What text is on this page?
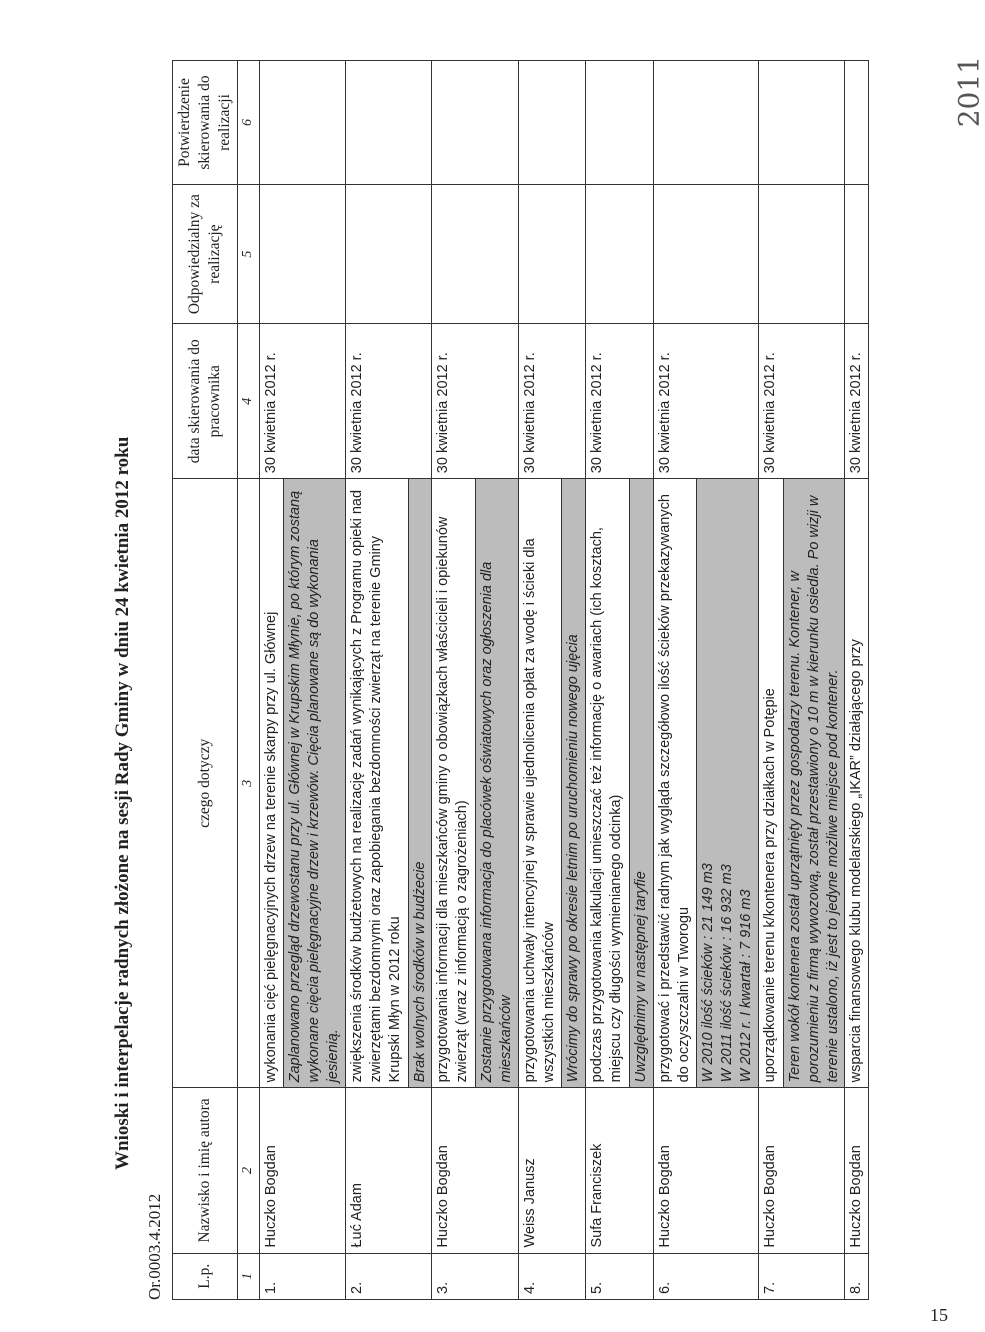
2011
15
Wnioski i interpelacje radnych złożone na sesji Rady Gminy w dniu 24 kwietnia 2012 roku
Or.0003.4.2012 L.p.	Nazwisko i imię autora	czego dotyczy	data skierowania do pracownika	Odpowiedzialny za realizację	Potwierdzenie skierowania do realizacji
1	2	3	4	5	6
1.	Huczko Bogdan	wykonania cięć pielęgnacyjnych drzew na terenie skarpy przy ul. Głównej Zaplanowano przegląd drzewostanu przy ul. Głównej w Krupskim Młynie, po którym zostaną wykonane cięcia pielęgnacyjne drzew i krzewów. Cięcia planowane są do wykonania jesienią.	30 kwietnia 2012 r.		
2.	Łuć Adam	zwiększenia środków budżetowych na realizację zadań wynikających z Programu opieki nad zwierzętami bezdomnymi oraz zapobiegania bezdomności zwierząt na terenie Gminy Krupski Młyn w 2012 roku Brak wolnych środków w budżecie	30 kwietnia 2012 r.		
3.	Huczko Bogdan	przygotowania informacji dla mieszkańców gminy o obowiązkach właścicieli i opiekunów zwierząt (wraz z informacją o zagrożeniach) Zostanie przygotowana informacja do placówek oświatowych oraz ogłoszenia dla mieszkańców	30 kwietnia 2012 r.		
4.	Weiss Janusz	przygotowania uchwały intencyjnej w sprawie ujednolicenia opłat za wodę i ścieki dla wszystkich mieszkańców Wrócimy do sprawy po okresie letnim po uruchomieniu nowego ujęcia	30 kwietnia 2012 r.		
5.	Sufa Franciszek	podczas przygotowania kalkulacji umieszczać też informację o awariach (ich kosztach, miejscu czy długości wymienianego odcinka) Uwzględnimy w następnej taryfie	30 kwietnia 2012 r.		
6.	Huczko Bogdan	przygotować i przedstawić radnym jak wygląda szczegółowo ilość ścieków przekazywanych do oczyszczalni w Tworogu W 2010 ilość ścieków : 21 149 m3
W 2011 ilość ścieków : 16 932 m3
W 2012 r. I kwartał : 7 916 m3	30 kwietnia 2012 r.		
7.	Huczko Bogdan	uporządkowanie terenu k/kontenera przy działkach w Potępie Teren wokół kontenera został uprzątnięty przez gospodarzy terenu. Kontener, w porozumieniu z firmą wywozową, został przestawiony o 10 m w kierunku osiedla. Po wizji w terenie ustalono, iż jest to jedyne możliwe miejsce pod kontener.	30 kwietnia 2012 r.		
8.	Huczko Bogdan	wsparcia finansowego klubu modelarskiego „IKAR” działającego przy	30 kwietnia 2012 r.		
